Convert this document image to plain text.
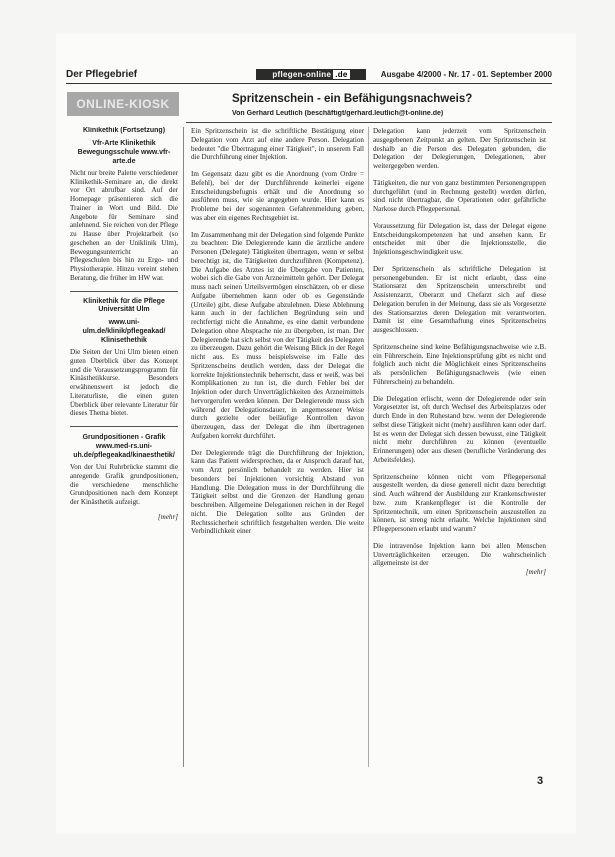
Der Pflegebrief	pflegen-online .de	Ausgabe 4/2000 - Nr. 17 - 01. September 2000
ONLINE-KIOSK	Spritzenschein - ein Befähigungsnachweis?
Von Gerhard Leutlich (beschäftigt/gerhard.leutlich@t-online.de)
Klinikethik (Fortsetzung)
Vfr-Arte Klinikethik Bewegungsschule www.vfr-arte.de
Nicht nur breite Palette verschiedener Klinikethik-Seminare an, die direkt vor Ort abrufbar sind. Auf der Homepage präsentieren sich die Trainer in Wort und Bild. Die Angebote für Seminare sind anlehnend. Sie reichen von der Pflege zu Hause über Projektarbeit (so geschehen an der Uniklinik Ulm), Bewegungsunterricht an Pflegeschulen bis hin zu Ergo- und Physiotherapie. Hinzu vereint stehen Beratung, die früher im HW war.
Klinikethik für die Pflege Universität Ulm
www.uni-ulm.de/klinik/pflegeakad/ Klinisethethik
Die Seiten der Uni Ulm bieten einen guten Überblick über das Konzept und die Voraussetzungsprogramm für Kinästhetikkurse. Besonders erwähnenswert ist jedoch die Literaturliste, die einen guten Überblick über relevante Literatur für dieses Thema bietet.
Grundpositionen - Grafik www.med-rs.uni-uh.de/pflegeakad/kinaesthetik/
Von der Uni Ruhrbrücke stammt die anregende Grafik grundpositionen, die verschiedene menschliche Grundpositionen nach dem Konzept der Kinästhetik aufzeigt.
[mehr]

Ein Spritzenschein ist die schriftliche Bestätigung einer Delegation vom Arzt auf eine andere Person. Delegation bedeutet "die Übertragung einer Tätigkeit", in unserem Fall die Durchführung einer Injektion.

Im Gegensatz dazu gibt es die Anordnung (vom Ordre = Befehl), bei der der Durchführende keinerlei eigene Entscheidungsbefugnis erhält und die Anordnung so ausführen muss, wie sie angegeben wurde. Hier kann es Probleme bei der sogenannten Gefahrenmeldung geben, was aber ein eigenes Rechtsgebiet ist.

Im Zusammenhang mit der Delegation sind folgende Punkte zu beachten: Die Delegierende kann die ärztliche andere Personen (Delegate) Tätigkeiten übertragen, wenn er selbst berechtigt ist, die Tätigkeiten durchzuführen (Kompetenz). Die Aufgabe des Arztes ist die Übergabe von Patienten, wobei sich die Gabe von Arzneimitteln gehört. Der Delegat muss nach seinen Urteilsvermögen einschätzen, ob er diese Aufgabe übernehmen kann oder ob es Gegenstände (Urteile) gibt, diese Aufgabe abzulehnen. Diese Ablehnung kann auch in der fachlichen Begründung sein und rechtfertigt nicht die Annahme, es eine damit verbundene Delegation ohne Absprache nie zu übergeben, ist man. Der Delegierende hat sich selbst von der Tätigkeit des Delegaten zu überzeugen. Dazu gehört die Weisung Blick in der Regel nicht aus. Es muss beispielsweise im Falle des Spritzenscheins deutlich werden, dass der Delegat die korrekte Injektionstechnik beherrscht, dass er weiß, was bei Komplikationen zu tun ist, die durch Fehler bei der Injektion oder durch Unverträglichkeiten des Arzneimittels hervorgerufen werden können. Der Delegierende muss sich während der Delegationsdauer, in angemessener Weise durch gezielte oder beiläufige Kontrollen davon überzeugen, dass der Delegat die ihm übertragenen Aufgaben korrekt durchführt.

Der Delegierende trägt die Durchführung der Injektion, kann das Patient widersprechen, da er Anspruch darauf hat, vom Arzt persönlich behandelt zu werden. Hier ist besonders bei Injektionen vorsichtig Abstand von Handlung. Die Delegation muss in der Durchführung die Tätigkeit selbst und die Grenzen der Handlung genau beschreiben. Allgemeine Delegationen reichen in der Regel nicht. Die Delegation sollte aus Gründen der Rechtssicherheit schriftlich festgehalten werden. Die weite Verbindlichkeit einer

Delegation kann jederzeit vom Spritzenschein ausgegebenen Zeitpunkt an gelten. Der Spritzenschein ist deshalb an die Person des Delegaten gebunden, die Delegation der Delegierungen, Delegationen, aber weitergegeben werden.

Tätigkeiten, die nur von ganz bestimmten Personengruppen durchgeführt (und in Rechnung gestellt) werden dürfen, sind nicht übertragbar, die Operationen oder gefährliche Narkose durch Pflegepersonal.

Voraussetzung für Delegation ist, dass der Delegat eigene Entscheidungskompetenzen hat und ansehen kann. Er entscheidet mit über die Injektionsstelle, die Injektionsgeschwindigkeit usw.

Der Spritzenschein als schriftliche Delegation ist personengebunden. Er ist nicht erlaubt, dass eine Stationsarzt den Spritzenschein unterschreibt und Assistenzarzt, Oberarzt und Chefarzt sich auf diese Delegation berufen in der Meinung, dass sie als Vorgesetzte des Stationsarztes deren Delegation mit verantworten. Damit ist eine Gesamthaftung eines Spritzenscheins ausgeschlossen.

Spritzenscheine sind keine Befähigungsnachweise wie z.B. ein Führerschein. Eine Injektionsprüfung gibt es nicht und folglich auch nicht die Möglichkeit eines Spritzenscheins als persönlichen Befähigungsnachweis (wie einen Führerschein) zu behandeln.

Die Delegation erlischt, wenn der Delegierende oder sein Vorgesetzter ist, oft durch Wechsel des Arbeitsplatzes oder durch Ende in den Ruhestand bzw. wenn der Delegierende selbst diese Tätigkeit nicht (mehr) ausführen kann oder darf. Ist es wenn der Delegat sich dessen bewusst, eine Tätigkeit nicht mehr durchführen zu können (eventuelle Erinnerungen) oder aus diesen (berufliche Veränderung des Arbeitsfeldes).

Spritzenscheine können nicht vom Pflegepersonal ausgestellt werden, da diese generell nicht dazu berechtigt sind. Auch während der Ausbildung zur Krankenschwester bzw. zum Krankenpfleger ist die Kontrolle der Spritzentechnik, um einen Spritzenschein auszustellen zu können, ist streng nicht erlaubt. Welche Injektionen sind Pflegepersonen erlaubt und warum?

Die intravenöse Injektion kann bei allen Menschen Unverträglichkeiten erzeugen. Die wahrscheinlich allgemeinste ist der
[mehr]

3
